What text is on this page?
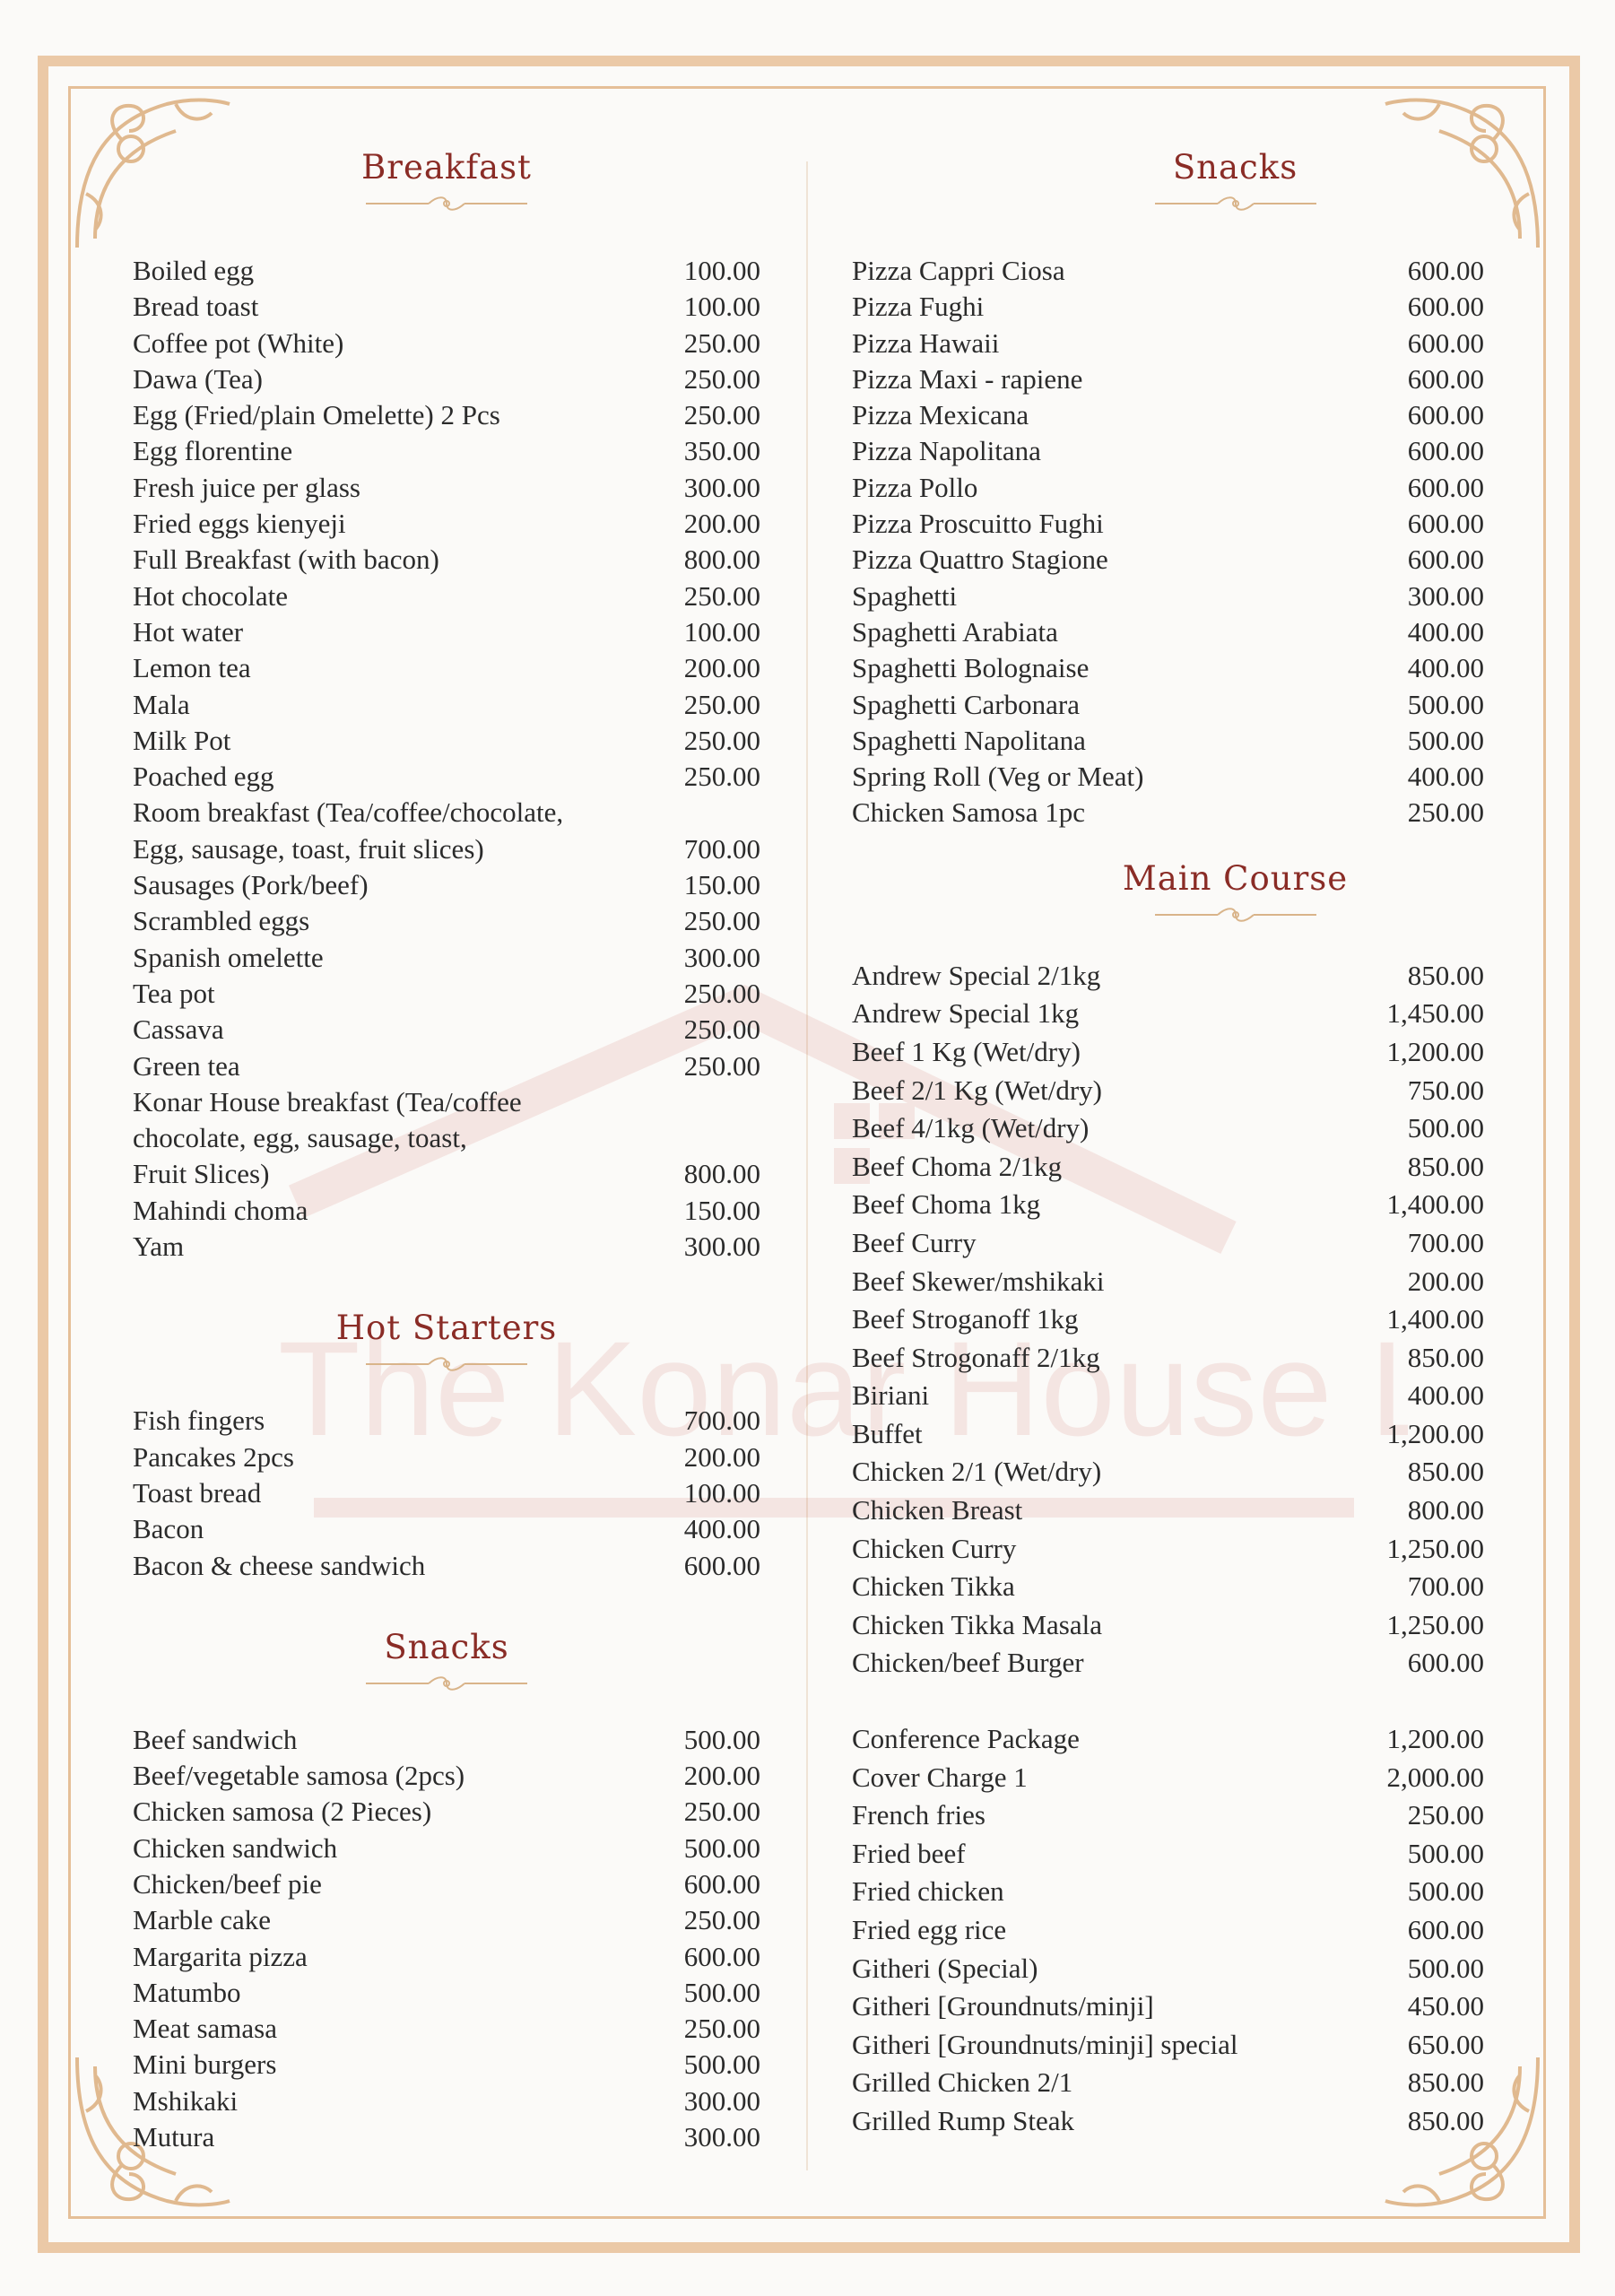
The Konar House L
Breakfast
Boiled egg	100.00
Bread toast	100.00
Coffee pot (White)	250.00
Dawa (Tea)	250.00
Egg (Fried/plain Omelette) 2 Pcs	250.00
Egg florentine	350.00
Fresh juice per glass	300.00
Fried eggs kienyeji	200.00
Full Breakfast (with bacon)	800.00
Hot chocolate	250.00
Hot water	100.00
Lemon tea	200.00
Mala	250.00
Milk Pot	250.00
Poached egg	250.00
Room breakfast (Tea/coffee/chocolate,
Egg, sausage, toast, fruit slices)	700.00
Sausages (Pork/beef)	150.00
Scrambled eggs	250.00
Spanish omelette	300.00
Tea pot	250.00
Cassava	250.00
Green tea	250.00
Konar House breakfast (Tea/coffee
chocolate, egg, sausage, toast,
Fruit Slices)	800.00
Mahindi choma	150.00
Yam	300.00
Hot Starters
Fish fingers	700.00
Pancakes 2pcs	200.00
Toast bread	100.00
Bacon	400.00
Bacon & cheese sandwich	600.00
Snacks
Beef sandwich	500.00
Beef/vegetable samosa (2pcs)	200.00
Chicken samosa (2 Pieces)	250.00
Chicken sandwich	500.00
Chicken/beef pie	600.00
Marble cake	250.00
Margarita pizza	600.00
Matumbo	500.00
Meat samasa	250.00
Mini burgers	500.00
Mshikaki	300.00
Mutura	300.00
Snacks
Pizza Cappri Ciosa	600.00
Pizza Fughi	600.00
Pizza Hawaii	600.00
Pizza Maxi - rapiene	600.00
Pizza Mexicana	600.00
Pizza Napolitana	600.00
Pizza Pollo	600.00
Pizza Proscuitto Fughi	600.00
Pizza Quattro Stagione	600.00
Spaghetti	300.00
Spaghetti Arabiata	400.00
Spaghetti Bolognaise	400.00
Spaghetti Carbonara	500.00
Spaghetti Napolitana	500.00
Spring Roll (Veg or Meat)	400.00
Chicken Samosa 1pc	250.00
Main Course
Andrew Special 2/1kg	850.00
Andrew Special 1kg	1,450.00
Beef 1 Kg (Wet/dry)	1,200.00
Beef 2/1 Kg (Wet/dry)	750.00
Beef 4/1kg (Wet/dry)	500.00
Beef Choma 2/1kg	850.00
Beef Choma 1kg	1,400.00
Beef Curry	700.00
Beef Skewer/mshikaki	200.00
Beef Stroganoff 1kg	1,400.00
Beef Strogonaff 2/1kg	850.00
Biriani	400.00
Buffet	1,200.00
Chicken 2/1 (Wet/dry)	850.00
Chicken Breast	800.00
Chicken Curry	1,250.00
Chicken Tikka	700.00
Chicken Tikka Masala	1,250.00
Chicken/beef Burger	600.00
Conference Package	1,200.00
Cover Charge 1	2,000.00
French fries	250.00
Fried beef	500.00
Fried chicken	500.00
Fried egg rice	600.00
Githeri (Special)	500.00
Githeri [Groundnuts/minji]	450.00
Githeri [Groundnuts/minji] special	650.00
Grilled Chicken 2/1	850.00
Grilled Rump Steak	850.00
